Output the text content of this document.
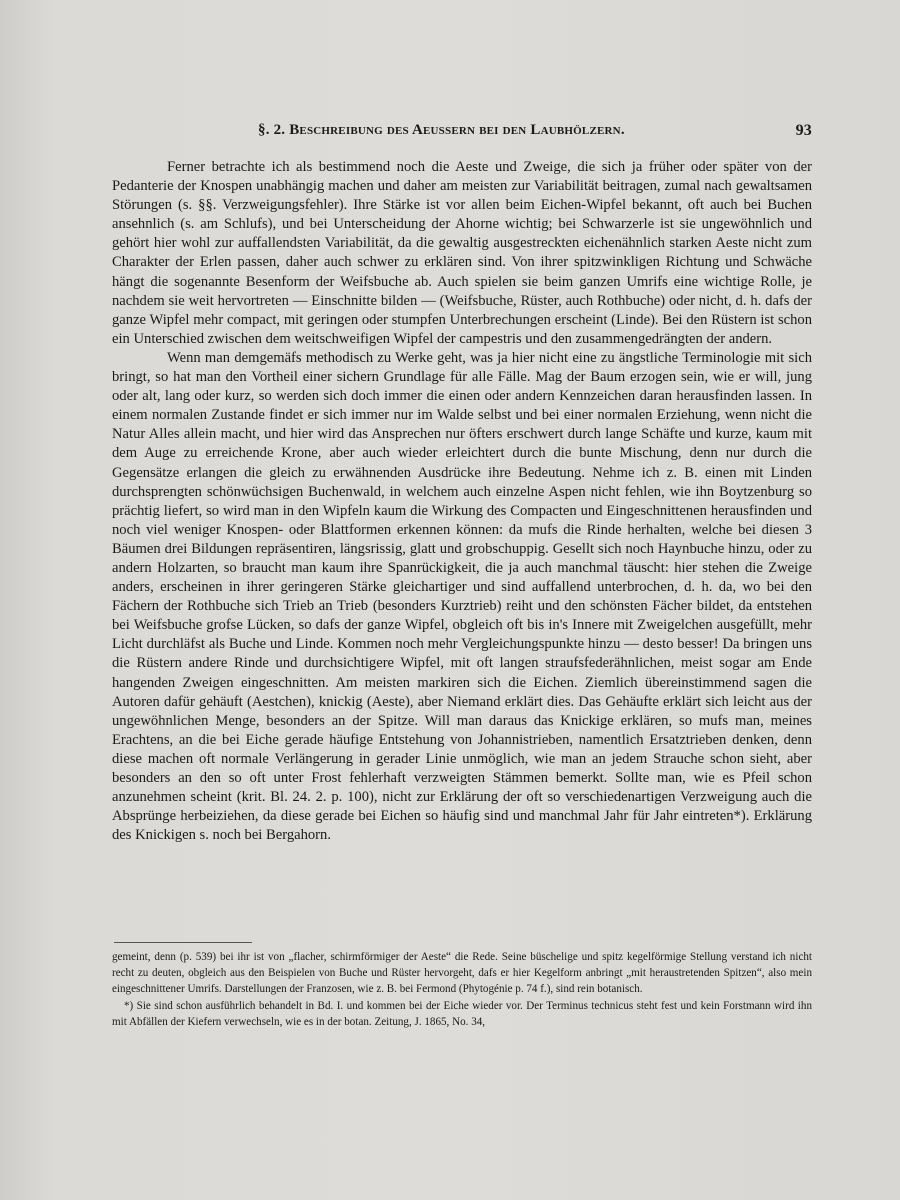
§. 2. Beschreibung des Aeussern bei den Laubhölzern.	93

Ferner betrachte ich als bestimmend noch die Aeste und Zweige, die sich ja früher oder später von der Pedanterie der Knospen unabhängig machen und daher am meisten zur Variabilität beitragen, zumal nach gewaltsamen Störungen (s. §§. Verzweigungsfehler). Ihre Stärke ist vor allen beim Eichen-Wipfel bekannt, oft auch bei Buchen ansehnlich (s. am Schlufs), und bei Unterscheidung der Ahorne wichtig; bei Schwarzerle ist sie ungewöhnlich und gehört hier wohl zur auffallendsten Variabilität, da die gewaltig ausgestreckten eichenähnlich starken Aeste nicht zum Charakter der Erlen passen, daher auch schwer zu erklären sind. Von ihrer spitzwinkligen Richtung und Schwäche hängt die sogenannte Besenform der Weifsbuche ab. Auch spielen sie beim ganzen Umrifs eine wichtige Rolle, je nachdem sie weit hervortreten — Einschnitte bilden — (Weifsbuche, Rüster, auch Rothbuche) oder nicht, d. h. dafs der ganze Wipfel mehr compact, mit geringen oder stumpfen Unterbrechungen erscheint (Linde). Bei den Rüstern ist schon ein Unterschied zwischen dem weitschweifigen Wipfel der campestris und den zusammengedrängten der andern.

Wenn man demgemäfs methodisch zu Werke geht, was ja hier nicht eine zu ängstliche Terminologie mit sich bringt, so hat man den Vortheil einer sichern Grundlage für alle Fälle. Mag der Baum erzogen sein, wie er will, jung oder alt, lang oder kurz, so werden sich doch immer die einen oder andern Kennzeichen daran herausfinden lassen. In einem normalen Zustande findet er sich immer nur im Walde selbst und bei einer normalen Erziehung, wenn nicht die Natur Alles allein macht, und hier wird das Ansprechen nur öfters erschwert durch lange Schäfte und kurze, kaum mit dem Auge zu erreichende Krone, aber auch wieder erleichtert durch die bunte Mischung, denn nur durch die Gegensätze erlangen die gleich zu erwähnenden Ausdrücke ihre Bedeutung. Nehme ich z. B. einen mit Linden durchsprengten schönwüchsigen Buchenwald, in welchem auch einzelne Aspen nicht fehlen, wie ihn Boytzenburg so prächtig liefert, so wird man in den Wipfeln kaum die Wirkung des Compacten und Eingeschnittenen herausfinden und noch viel weniger Knospen- oder Blattformen erkennen können: da mufs die Rinde herhalten, welche bei diesen 3 Bäumen drei Bildungen repräsentiren, längsrissig, glatt und grobschuppig. Gesellt sich noch Haynbuche hinzu, oder zu andern Holzarten, so braucht man kaum ihre Spanrückigkeit, die ja auch manchmal täuscht: hier stehen die Zweige anders, erscheinen in ihrer geringeren Stärke gleichartiger und sind auffallend unterbrochen, d. h. da, wo bei den Fächern der Rothbuche sich Trieb an Trieb (besonders Kurztrieb) reiht und den schönsten Fächer bildet, da entstehen bei Weifsbuche grofse Lücken, so dafs der ganze Wipfel, obgleich oft bis in's Innere mit Zweigelchen ausgefüllt, mehr Licht durchläfst als Buche und Linde. Kommen noch mehr Vergleichungspunkte hinzu — desto besser! Da bringen uns die Rüstern andere Rinde und durchsichtigere Wipfel, mit oft langen straufsfederähnlichen, meist sogar am Ende hangenden Zweigen eingeschnitten. Am meisten markiren sich die Eichen. Ziemlich übereinstimmend sagen die Autoren dafür gehäuft (Aestchen), knickig (Aeste), aber Niemand erklärt dies. Das Gehäufte erklärt sich leicht aus der ungewöhnlichen Menge, besonders an der Spitze. Will man daraus das Knickige erklären, so mufs man, meines Erachtens, an die bei Eiche gerade häufige Entstehung von Johannistrieben, namentlich Ersatztrieben denken, denn diese machen oft normale Verlängerung in gerader Linie unmöglich, wie man an jedem Strauche schon sieht, aber besonders an den so oft unter Frost fehlerhaft verzweigten Stämmen bemerkt. Sollte man, wie es Pfeil schon anzunehmen scheint (krit. Bl. 24. 2. p. 100), nicht zur Erklärung der oft so verschiedenartigen Verzweigung auch die Absprünge herbeiziehen, da diese gerade bei Eichen so häufig sind und manchmal Jahr für Jahr eintreten*). Erklärung des Knickigen s. noch bei Bergahorn.

gemeint, denn (p. 539) bei ihr ist von „flacher, schirmförmiger der Aeste“ die Rede. Seine büschelige und spitz kegelförmige Stellung verstand ich nicht recht zu deuten, obgleich aus den Beispielen von Buche und Rüster hervorgeht, dafs er hier Kegelform anbringt „mit heraustretenden Spitzen“, also mein eingeschnittener Umrifs. Darstellungen der Franzosen, wie z. B. bei Fermond (Phytogénie p. 74 f.), sind rein botanisch.

*) Sie sind schon ausführlich behandelt in Bd. I. und kommen bei der Eiche wieder vor. Der Terminus technicus steht fest und kein Forstmann wird ihn mit Abfällen der Kiefern verwechseln, wie es in der botan. Zeitung, J. 1865, No. 34,
